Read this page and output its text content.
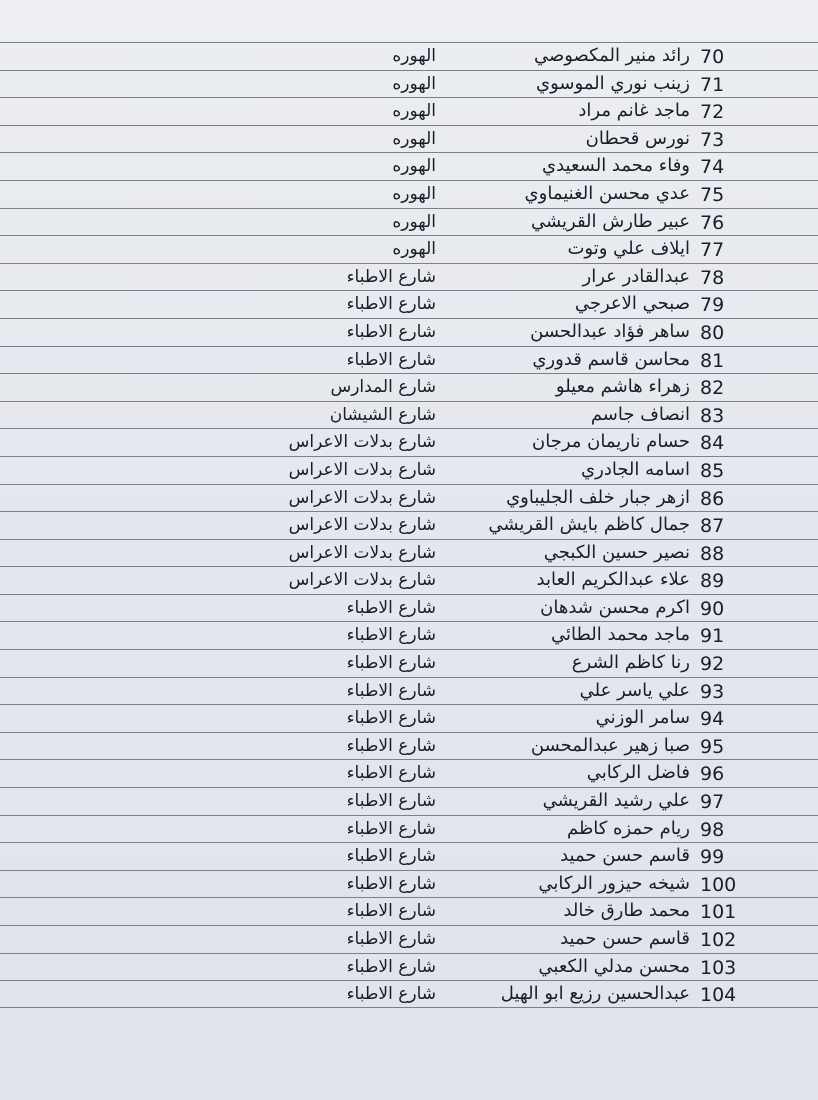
70
رائد منير المكصوصي
الهوره
71
زينب نوري الموسوي
الهوره
72
ماجد غانم مراد
الهوره
73
نورس قحطان
الهوره
74
وفاء محمد السعيدي
الهوره
75
عدي محسن الغنيماوي
الهوره
76
عبير طارش القريشي
الهوره
77
ايلاف علي وتوت
الهوره
78
عبدالقادر عرار
شارع الاطباء
79
صبحي الاعرجي
شارع الاطباء
80
ساهر فؤاد عبدالحسن
شارع الاطباء
81
محاسن قاسم قدوري
شارع الاطباء
82
زهراء هاشم معيلو
شارع المدارس
83
انصاف جاسم
شارع الشيشان
84
حسام ناريمان مرجان
شارع بدلات الاعراس
85
اسامه الجادري
شارع بدلات الاعراس
86
ازهر جبار خلف الجليباوي
شارع بدلات الاعراس
87
جمال كاظم بايش القريشي
شارع بدلات الاعراس
88
نصير حسين الكبجي
شارع بدلات الاعراس
89
علاء عبدالكريم العابد
شارع بدلات الاعراس
90
اكرم محسن شدهان
شارع الاطباء
91
ماجد محمد الطائي
شارع الاطباء
92
رنا كاظم الشرع
شارع الاطباء
93
علي ياسر علي
شارع الاطباء
94
سامر الوزني
شارع الاطباء
95
صبا زهير عبدالمحسن
شارع الاطباء
96
فاضل الركابي
شارع الاطباء
97
علي رشيد القريشي
شارع الاطباء
98
ريام حمزه كاظم
شارع الاطباء
99
قاسم حسن حميد
شارع الاطباء
100
شيخه حيزور الركابي
شارع الاطباء
101
محمد طارق خالد
شارع الاطباء
102
قاسم حسن حميد
شارع الاطباء
103
محسن مدلي الكعبي
شارع الاطباء
104
عبدالحسين رزيع ابو الهيل
شارع الاطباء
